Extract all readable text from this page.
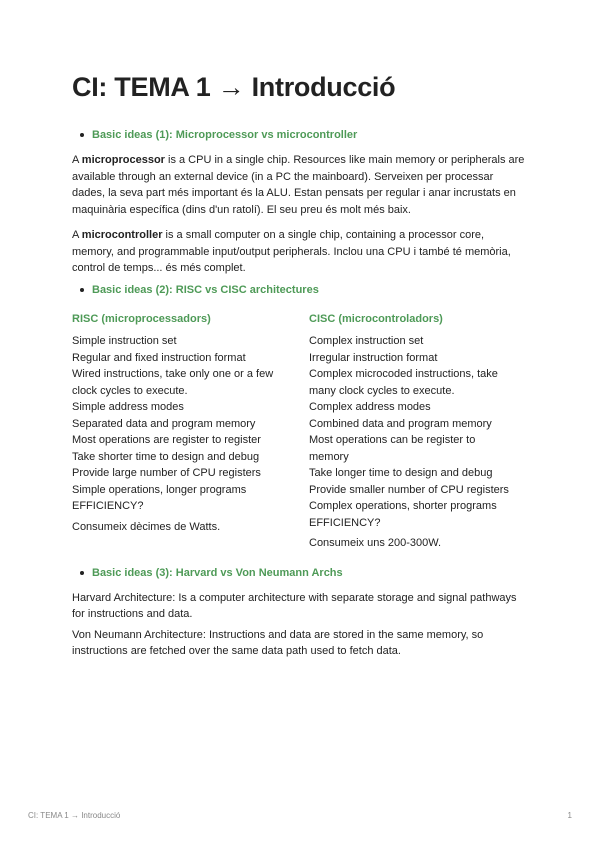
CI: TEMA 1 → Introducció
Basic ideas (1): Microprocessor vs microcontroller

A microprocessor is a CPU in a single chip. Resources like main memory or peripherals are available through an external device (in a PC the mainboard). Serveixen per processar dades, la seva part més important és la ALU. Estan pensats per regular i anar incrustats en maquinària específica (dins d'un ratolí). El seu preu és molt més baix.

A microcontroller is a small computer on a single chip, containing a processor core, memory, and programmable input/output peripherals. Inclou una CPU i també té memòria, control de temps... és més complet.

Basic ideas (2): RISC vs CISC architectures
RISC (microprocessadors)
Simple instruction set
Regular and fixed instruction format
Wired instructions, take only one or a few
clock cycles to execute.
Simple address modes
Separated data and program memory
Most operations are register to register
Take shorter time to design and debug
Provide large number of CPU registers
Simple operations, longer programs
EFFICIENCY?
Consumeix dècimes de Watts.
CISC (microcontroladors)
Complex instruction set
Irregular instruction format
Complex microcoded instructions, take
many clock cycles to execute.
Complex address modes
Combined data and program memory
Most operations can be register to
memory
Take longer time to design and debug
Provide smaller number of CPU registers
Complex operations, shorter programs
EFFICIENCY?
Consumeix uns 200-300W.
Basic ideas (3): Harvard vs Von Neumann Archs

Harvard Architecture: Is a computer architecture with separate storage and signal pathways for instructions and data.

Von Neumann Architecture: Instructions and data are stored in the same memory, so instructions are fetched over the same data path used to fetch data.

CI: TEMA 1 → Introducció	1
